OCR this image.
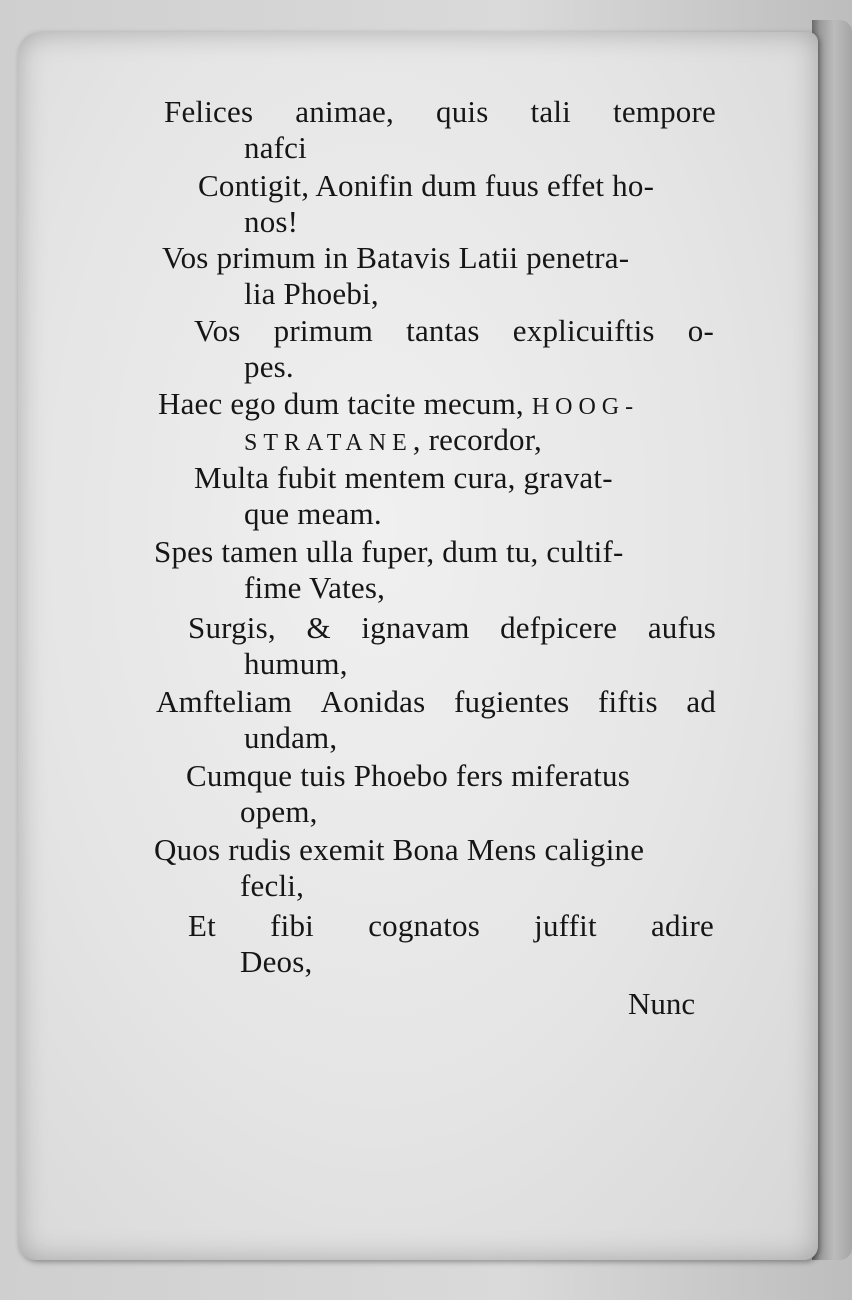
Felices animae, quis tali tempore
nafci
Contigit, Aonifin dum fuus effet ho-
nos!
Vos primum in Batavis Latii penetra-
lia Phoebi,
Vos primum tantas explicuiftis o-
pes.
Haec ego dum tacite mecum, HOOG-
STRATANE, recordor,
Multa fubit mentem cura, gravat-
que meam.
Spes tamen ulla fuper, dum tu, cultif-
fime Vates,
Surgis, & ignavam defpicere aufus
humum,
Amfteliam Aonidas fugientes fiftis ad
undam,
Cumque tuis Phoebo fers miferatus
opem,
Quos rudis exemit Bona Mens caligine
fecli,
Et fibi cognatos juffit adire
Deos,
Nunc
